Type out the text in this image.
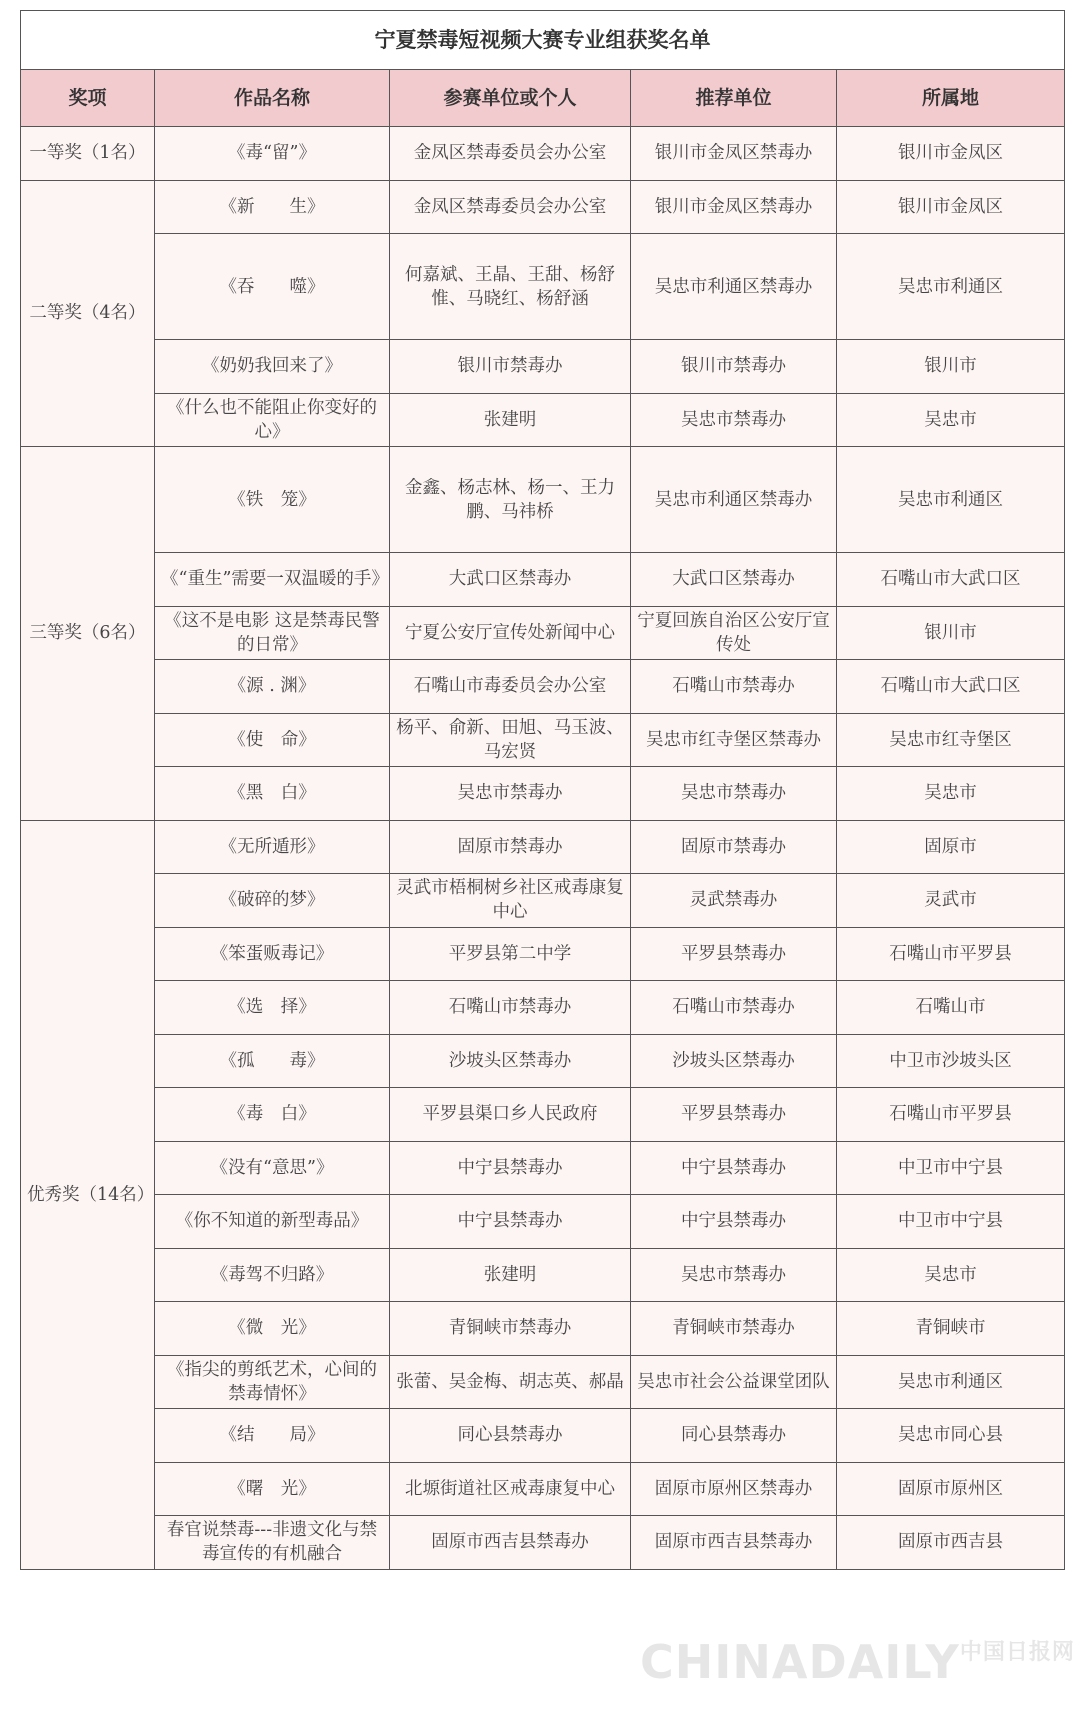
宁夏禁毒短视频大赛专业组获奖名单				
奖项	作品名称	参赛单位或个人	推荐单位	所属地
一等奖（1名）	《毒“留”》	金凤区禁毒委员会办公室	银川市金凤区禁毒办	银川市金凤区
二等奖（4名）	《新　　生》	金凤区禁毒委员会办公室	银川市金凤区禁毒办	银川市金凤区
	《吞　　噬》	何嘉斌、王晶、王甜、杨舒惟、马晓红、杨舒涵	吴忠市利通区禁毒办	吴忠市利通区
	《奶奶我回来了》	银川市禁毒办	银川市禁毒办	银川市
	《什么也不能阻止你变好的心》	张建明	吴忠市禁毒办	吴忠市
三等奖（6名）	《铁　笼》	金鑫、杨志林、杨一、王力鹏、马祎桥	吴忠市利通区禁毒办	吴忠市利通区
	《“重生”需要一双温暖的手》	大武口区禁毒办	大武口区禁毒办	石嘴山市大武口区
	《这不是电影 这是禁毒民警的日常》	宁夏公安厅宣传处新闻中心	宁夏回族自治区公安厅宣传处	银川市
	《源 . 渊》	石嘴山市毒委员会办公室	石嘴山市禁毒办	石嘴山市大武口区
	《使　命》	杨平、俞新、田旭、马玉波、马宏贤	吴忠市红寺堡区禁毒办	吴忠市红寺堡区
	《黑　白》	吴忠市禁毒办	吴忠市禁毒办	吴忠市
优秀奖（14名）	《无所遁形》	固原市禁毒办	固原市禁毒办	固原市
	《破碎的梦》	灵武市梧桐树乡社区戒毒康复中心	灵武禁毒办	灵武市
	《笨蛋贩毒记》	平罗县第二中学	平罗县禁毒办	石嘴山市平罗县
	《选　择》	石嘴山市禁毒办	石嘴山市禁毒办	石嘴山市
	《孤　　毒》	沙坡头区禁毒办	沙坡头区禁毒办	中卫市沙坡头区
	《毒　白》	平罗县渠口乡人民政府	平罗县禁毒办	石嘴山市平罗县
	《没有“意思”》	中宁县禁毒办	中宁县禁毒办	中卫市中宁县
	《你不知道的新型毒品》	中宁县禁毒办	中宁县禁毒办	中卫市中宁县
	《毒驾不归路》	张建明	吴忠市禁毒办	吴忠市
	《微　光》	青铜峡市禁毒办	青铜峡市禁毒办	青铜峡市
	《指尖的剪纸艺术，心间的禁毒情怀》	张蕾、吴金梅、胡志英、郝晶	吴忠市社会公益课堂团队	吴忠市利通区
	《结　　局》	同心县禁毒办	同心县禁毒办	吴忠市同心县
	《曙　光》	北塬街道社区戒毒康复中心	固原市原州区禁毒办	固原市原州区
	春官说禁毒---非遗文化与禁毒宣传的有机融合	固原市西吉县禁毒办	固原市西吉县禁毒办	固原市西吉县
$CHINADAILY^{中国日报网}$
